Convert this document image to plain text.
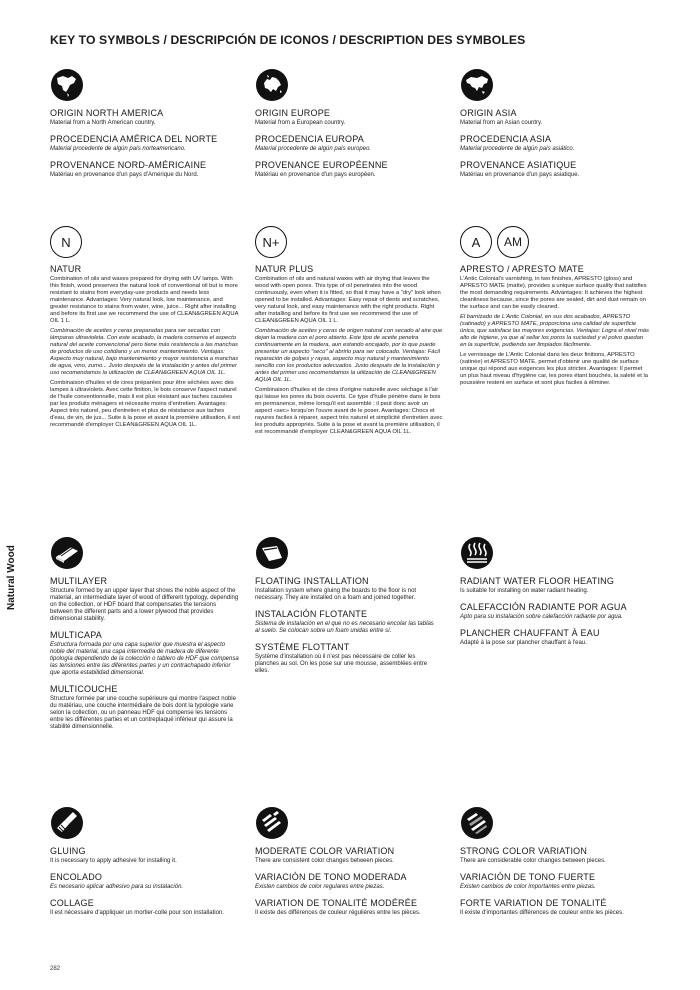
KEY TO SYMBOLS / DESCRIPCIÓN DE ICONOS / DESCRIPTION DES SYMBOLES
Natural Wood
ORIGIN NORTH AMERICA
Material from a North American country.
PROCEDENCIA AMÉRICA DEL NORTE
Material procedente de algún país norteamericano.
PROVENANCE NORD-AMÉRICAINE
Matériau en provenance d'un pays d'Amérique du Nord.
ORIGIN EUROPE
Material from a European country.
PROCEDENCIA EUROPA
Material procedente de algún país europeo.
PROVENANCE EUROPÉENNE
Matériau en provenance d'un pays européen.
ORIGIN ASIA
Material from an Asian country.
PROCEDENCIA ASIA
Material procedente de algún país asiático.
PROVENANCE ASIATIQUE
Matériau en provenance d'un pays asiatique.
N
NATUR

Combination of oils and waxes prepared for drying with UV lamps. With this finish, wood preserves the natural look of conventional oil but is more resistant to stains from everyday-use products and needs less maintenance. Advantages: Very natural look, low maintenance, and greater resistance to stains from water, wine, juice... Right after installing and before its first use we recommend the use of CLEAN&GREEN AQUA OIL 1 L.

Combinación de aceites y ceras preparadas para ser secadas con lámparas ultravioleta. Con este acabado, la madera conserva el aspecto natural del aceite convencional pero tiene más resistencia a las manchas de productos de uso cotidiano y un menor mantenimiento. Ventajas: Aspecto muy natural, bajo mantenimiento y mayor resistencia a manchas de agua, vino, zumo... Justo después de la instalación y antes del primer uso recomendamos la utilización de CLEAN&GREEN AQUA OIL 1L.

Combinaison d'huiles et de cires préparées pour être séchées avec des lampes à ultraviolets. Avec cette finition, le bois conserve l'aspect naturel de l'huile conventionnelle, mais il est plus résistant aux taches causées par les produits ménagers et nécessite moins d'entretien. Avantages: Aspect très naturel, peu d'entretien et plus de résistance aux taches d'eau, de vin, de jus... Suite à la pose et avant la première utilisation, il est recommandé d'employer CLEAN&GREEN AQUA OIL 1L.

N+
NATUR PLUS

Combination of oils and natural waxes with air drying that leaves the wood with open pores. This type of oil penetrates into the wood continuously, even when it is fitted, so that it may have a "dry" look when opened to be installed. Advantages: Easy repair of dents and scratches, very natural look, and easy maintenance with the right products. Right after installing and before its first use we recommend the use of CLEAN&GREEN AQUA OIL 1 L.

Combinación de aceites y ceras de origen natural con secado al aire que dejan la madera con el poro abierto. Este tipo de aceite penetra continuamente en la madera, aun estando encajado, por lo que puede presentar un aspecto "seco" al abrirlo para ser colocado. Ventajas: Fácil reparación de golpes y rayas, aspecto muy natural y mantenimiento sencillo con los productos adecuados. Justo después de la instalación y antes del primer uso recomendamos la utilización de CLEAN&GREEN AQUA OIL 1L.

Combinaison d'huiles et de cires d'origine naturelle avec séchage à l'air qui laisse les pores du bois ouverts. Ce type d'huile pénètre dans le bois en permanence, même lorsqu'il est assemblé ; il peut donc avoir un aspect «sec» lorsqu'on l'ouvre avant de le poser. Avantages: Chocs et rayures faciles à réparer, aspect très naturel et simplicité d'entretien avec les produits appropriés. Suite à la pose et avant la première utilisation, il est recommandé d'employer CLEAN&GREEN AQUA OIL 1L.

A	AM
APRESTO / APRESTO MATE

L'Antic Colonial's varnishing, in two finishes, APRESTO (gloss) and APRESTO MATE (matte), provides a unique surface quality that satisfies the most demanding requirements. Advantages: It achieves the highest cleanliness because, since the pores are sealed, dirt and dust remain on the surface and can be easily cleaned.

El barnizado de L'Antic Colonial, en sus dos acabados, APRESTO (satinado) y APRESTO MATE, proporciona una calidad de superficie única, que satisface las mayores exigencias. Ventajas: Logra el nivel más alto de higiene, ya que al sellar los poros la suciedad y el polvo quedan en la superficie, pudiendo ser limpiados fácilmente.

Le vernissage de L'Antic Colonial dans les deux finitions, APRESTO (satinée) et APRESTO MATE, permet d'obtenir une qualité de surface unique qui répond aux exigences les plus strictes. Avantages: Il permet un plus haut niveau d'hygiène car, les pores étant bouchés, la saleté et la poussière restent en surface et sont plus faciles à éliminer.

MULTILAYER
Structure formed by an upper layer that shows the noble aspect of the material, an intermediate layer of wood of different typology, depending on the collection, or HDF board that compensates the tensions between the different parts and a lower plywood that provides dimensional stability.
MULTICAPA
Estructura formada por una capa superior que muestra el aspecto noble del material, una capa intermedia de madera de diferente tipología dependiendo de la colección o tablero de HDF que compensa las tensiones entre las diferentes partes y un contrachapado inferior que aporta estabilidad dimensional.
MULTICOUCHE
Structure formée par une couche supérieure qui montre l'aspect noble du matériau, une couche intermédiaire de bois dont la typologie varie selon la collection, ou un panneau HDF qui compense les tensions entre les différentes parties et un contreplaqué inférieur qui assure la stabilité dimensionnelle.
FLOATING INSTALLATION
Installation system where gluing the boards to the floor is not necessary. They are installed on a foam and joined together.
INSTALACIÓN FLOTANTE
Sistema de instalación en el que no es necesario encolar las tablas al suelo. Se colocan sobre un foam unidas entre sí.
SYSTÈME FLOTTANT
Système d'installation où il n'est pas nécessaire de coller les planches au sol. On les pose sur une mousse, assemblées entre elles.
RADIANT WATER FLOOR HEATING
Is suitable for installing on water radiant heating.
CALEFACCIÓN RADIANTE POR AGUA
Apto para su instalación sobre calefacción radiante por agua.
PLANCHER CHAUFFANT À EAU
Adapté à la pose sur plancher chauffant à l'eau.
GLUING
It is necessary to apply adhesive for installing it.
ENCOLADO
Es necesario aplicar adhesivo para su instalación.
COLLAGE
Il est nécessaire d'appliquer un mortier-colle pour son installation.
MODERATE COLOR VARIATION
There are consistent color changes between pieces.
VARIACIÓN DE TONO MODERADA
Existen cambios de color regulares entre piezas.
VARIATION DE TONALITÉ MODÉRÉE
Il existe des différences de couleur régulières entre les pièces.
STRONG COLOR VARIATION
There are considerable color changes between pieces.
VARIACIÓN DE TONO FUERTE
Existen cambios de color importantes entre piezas.
FORTE VARIATION DE TONALITÉ
Il existe d'importantes différences de couleur entre les pièces.
282
